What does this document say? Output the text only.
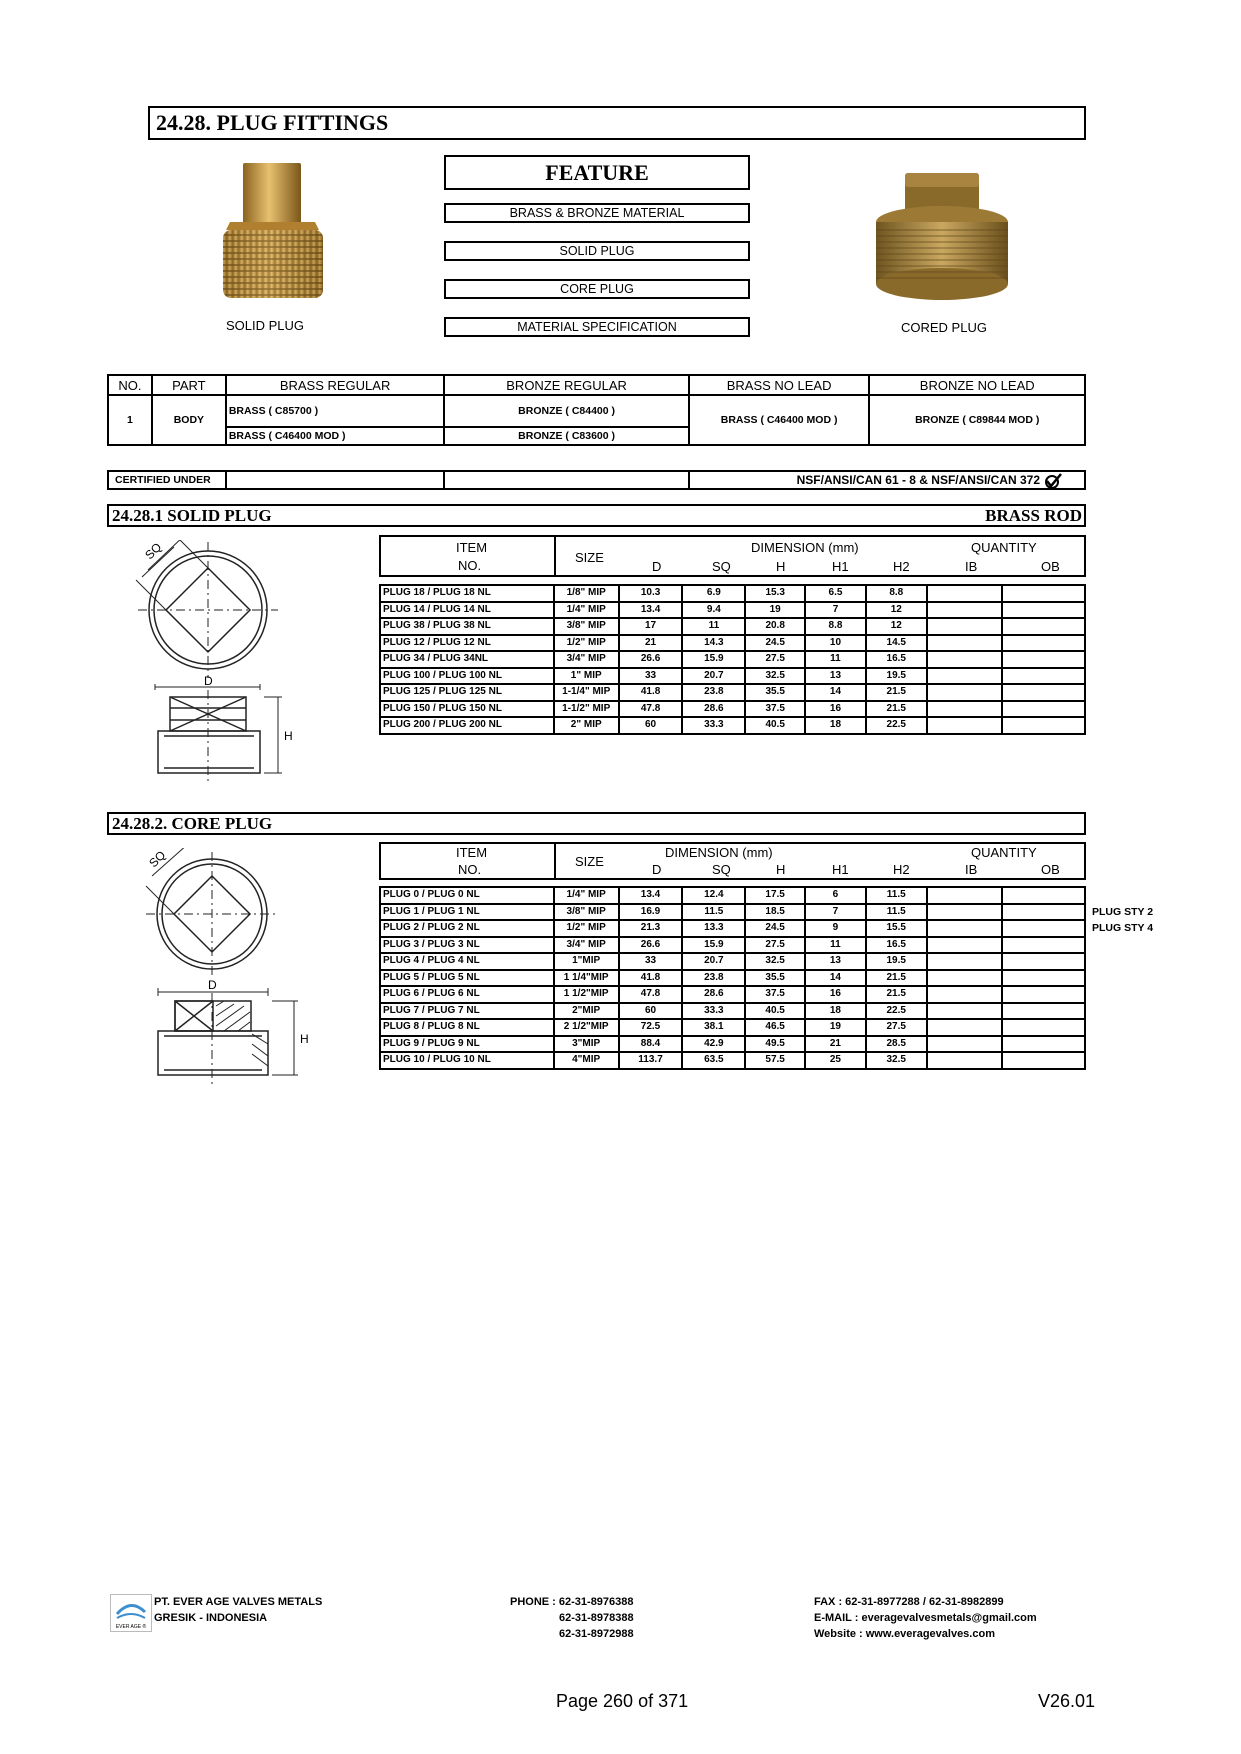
24.28. PLUG FITTINGS
SOLID PLUG
FEATURE
BRASS & BRONZE MATERIAL
SOLID PLUG
CORE PLUG
MATERIAL SPECIFICATION	CORED PLUG
NO.	PART	BRASS REGULAR	BRONZE REGULAR	BRASS NO LEAD	BRONZE NO LEAD
1	BODY	BRASS ( C85700 )	BRONZE ( C84400 )	BRASS ( C46400 MOD )	BRONZE ( C89844 MOD )
		BRASS ( C46400 MOD )	BRONZE ( C83600 )		
CERTIFIED UNDER			NSF/ANSI/CAN 61 - 8 & NSF/ANSI/CAN 372
24.28.1 SOLID PLUG	BRASS ROD
SQ
D
H
ITEM
NO.
SIZE
DIMENSION (mm)	QUANTITY
D	SQ	H	H1	H2	IB	OB
PLUG 18 / PLUG 18 NL	1/8" MIP	10.3	6.9	15.3	6.5	8.8		
PLUG 14 / PLUG 14 NL	1/4" MIP	13.4	9.4	19	7	12		
PLUG 38 / PLUG 38 NL	3/8" MIP	17	11	20.8	8.8	12		
PLUG 12 / PLUG 12 NL	1/2" MIP	21	14.3	24.5	10	14.5		
PLUG 34 / PLUG 34NL	3/4" MIP	26.6	15.9	27.5	11	16.5		
PLUG 100 / PLUG 100 NL	1" MIP	33	20.7	32.5	13	19.5		
PLUG 125 / PLUG 125 NL	1-1/4" MIP	41.8	23.8	35.5	14	21.5		
PLUG 150 / PLUG 150 NL	1-1/2" MIP	47.8	28.6	37.5	16	21.5		
PLUG 200 / PLUG 200 NL	2" MIP	60	33.3	40.5	18	22.5		
24.28.2. CORE PLUG
SQ
D
H
ITEM
NO.
SIZE
DIMENSION (mm)	QUANTITY
D	SQ	H	H1	H2	IB	OB
PLUG 0 / PLUG 0 NL	1/4" MIP	13.4	12.4	17.5	6	11.5		
PLUG 1 / PLUG 1 NL	3/8" MIP	16.9	11.5	18.5	7	11.5		
PLUG 2 / PLUG 2 NL	1/2" MIP	21.3	13.3	24.5	9	15.5		
PLUG 3 / PLUG 3 NL	3/4" MIP	26.6	15.9	27.5	11	16.5		
PLUG 4 / PLUG 4 NL	1"MIP	33	20.7	32.5	13	19.5		
PLUG 5 / PLUG 5 NL	1 1/4"MIP	41.8	23.8	35.5	14	21.5		
PLUG 6 / PLUG 6 NL	1 1/2"MIP	47.8	28.6	37.5	16	21.5		
PLUG 7 / PLUG 7 NL	2"MIP	60	33.3	40.5	18	22.5		
PLUG 8 / PLUG 8 NL	2 1/2"MIP	72.5	38.1	46.5	19	27.5		
PLUG 9 / PLUG 9 NL	3"MIP	88.4	42.9	49.5	21	28.5		
PLUG 10 / PLUG 10 NL	4"MIP	113.7	63.5	57.5	25	32.5		
PLUG STY 2
PLUG STY 4
EVER AGE ®
PT. EVER AGE VALVES METALS
GRESIK - INDONESIA
PHONE : 62-31-8976388
62-31-8978388
62-31-8972988
FAX : 62-31-8977288 / 62-31-8982899
E-MAIL : everagevalvesmetals@gmail.com
Website : www.everagevalves.com
Page 260 of 371	V26.01
